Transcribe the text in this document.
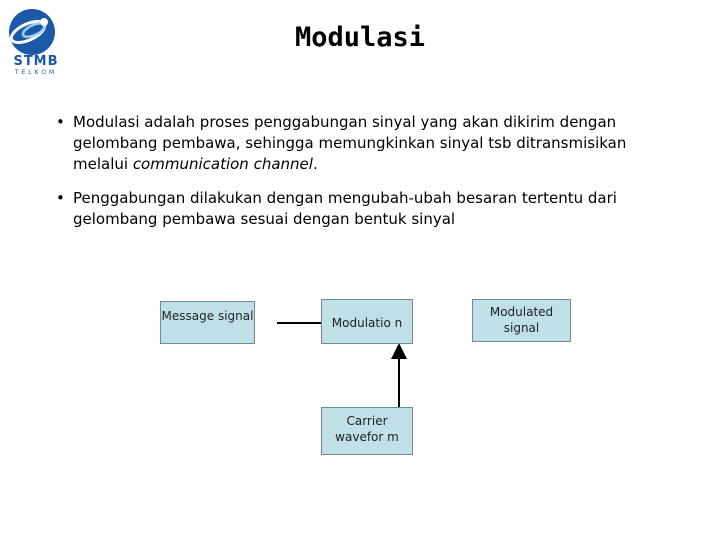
STMB
TELKOM
Modulasi
• Modulasi adalah proses penggabungan sinyal yang akan dikirim dengan gelombang pembawa, sehingga memungkinkan sinyal tsb ditransmisikan melalui communication channel.
• Penggabungan dilakukan dengan mengubah-ubah besaran tertentu dari gelombang pembawa sesuai dengan bentuk sinyal
Message signal	Modulatio n
Modulated signal
Carrier wavefor m
